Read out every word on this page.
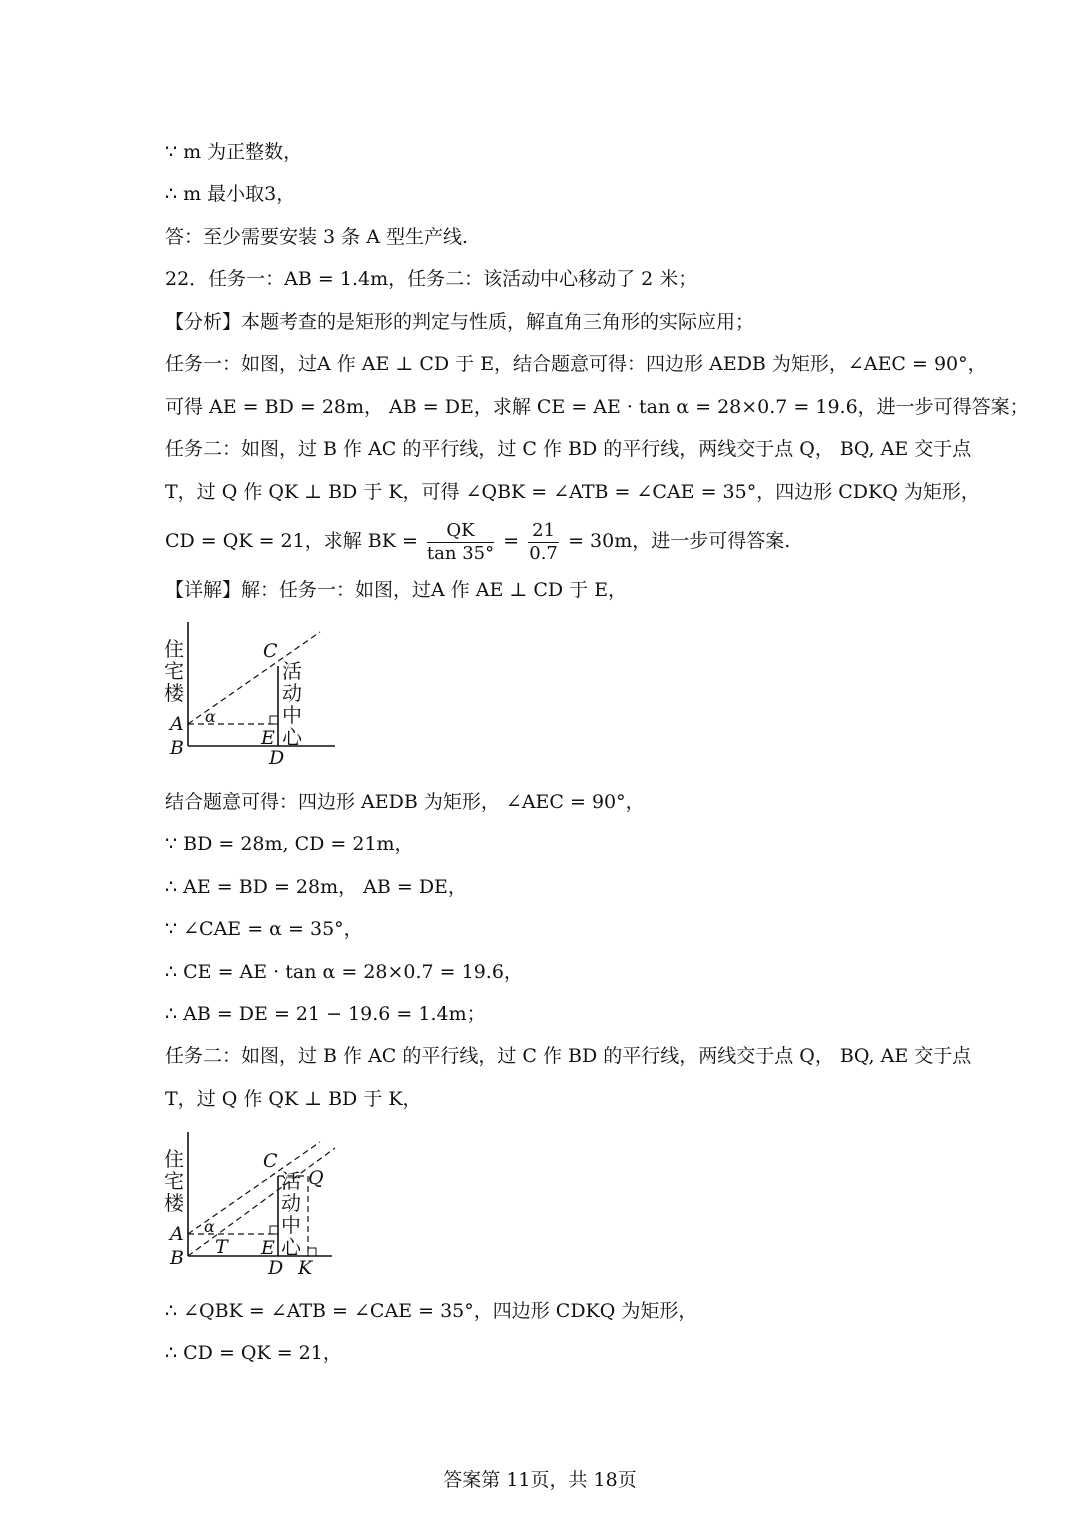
∵ m 为正整数，
∴ m 最小取3，
答：至少需要安装 3 条 A 型生产线.
22．任务一：AB = 1.4m，任务二：该活动中心移动了 2 米；
【分析】本题考查的是矩形的判定与性质，解直角三角形的实际应用；
任务一：如图，过A 作 AE ⊥ CD 于 E，结合题意可得：四边形 AEDB 为矩形，∠AEC = 90°，
可得 AE = BD = 28m， AB = DE，求解 CE = AE · tan α = 28×0.7 = 19.6，进一步可得答案；
任务二：如图，过 B 作 AC 的平行线，过 C 作 BD 的平行线，两线交于点 Q， BQ, AE 交于点
T，过 Q 作 QK ⊥ BD 于 K，可得 ∠QBK = ∠ATB = ∠CAE = 35°，四边形 CDKQ 为矩形，
CD = QK = 21，求解 BK = $\frac{QK}{\tan 35^\circ} = \frac{21}{0.7} = 30m$，进一步可得答案.
【详解】解：任务一：如图，过A 作 AE ⊥ CD 于 E，
住
宅
楼
活
动
中
心
C
A
B	E
D
α
结合题意可得：四边形 AEDB 为矩形， ∠AEC = 90°，
∵ BD = 28m, CD = 21m，
∴ AE = BD = 28m， AB = DE，
∵ ∠CAE = α = 35°，
∴ CE = AE · tan α = 28×0.7 = 19.6，
∴ AB = DE = 21 − 19.6 = 1.4m；
任务二：如图，过 B 作 AC 的平行线，过 C 作 BD 的平行线，两线交于点 Q， BQ, AE 交于点
T，过 Q 作 QK ⊥ BD 于 K，
住
宅
楼
活
动
中
心
C
Q
A
B T E
D K
α
∴ ∠QBK = ∠ATB = ∠CAE = 35°，四边形 CDKQ 为矩形，
∴ CD = QK = 21，
答案第 11页，共 18页
